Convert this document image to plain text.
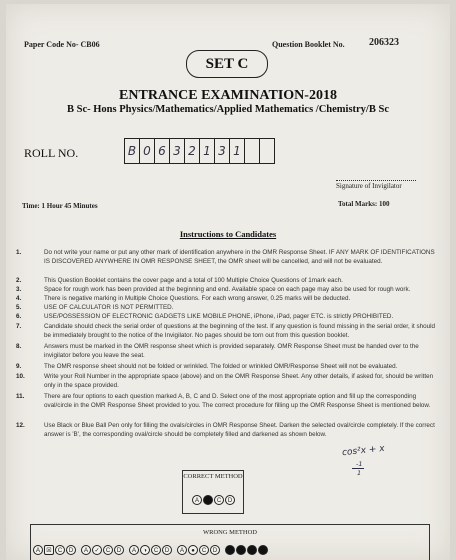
Paper Code No- CB06	Question Booklet No. 206323
SET C
ENTRANCE EXAMINATION-2018
B Sc- Hons Physics/Mathematics/Applied Mathematics /Chemistry/B Sc
ROLL NO.	B 0 6 3 2 1 3 1
Signature of Invigilator
Time: 1 Hour 45 Minutes	Total Marks: 100
Instructions to Candidates
1.	Do not write your name or put any other mark of identification anywhere in the OMR Response Sheet. IF ANY MARK OF IDENTIFICATIONS IS DISCOVERED ANYWHERE IN OMR RESPONSE SHEET, the OMR sheet will be cancelled, and will not be evaluated.
2.	This Question Booklet contains the cover page and a total of 100 Multiple Choice Questions of 1mark each.
3.	Space for rough work has been provided at the beginning and end. Available space on each page may also be used for rough work.
4.	There is negative marking in Multiple Choice Questions. For each wrong answer, 0.25 marks will be deducted.
5.	USE OF CALCULATOR IS NOT PERMITTED.
6.	USE/POSSESSION OF ELECTRONIC GADGETS LIKE MOBILE PHONE, iPhone, iPad, pager ETC. is strictly PROHIBITED.
7.	Candidate should check the serial order of questions at the beginning of the test. If any question is found missing in the serial order, it should be immediately brought to the notice of the Invigilator. No pages should be torn out from this question booklet.
8.	Answers must be marked in the OMR response sheet which is provided separately. OMR Response Sheet must be handed over to the invigilator before you leave the seat.
9.	The OMR response sheet should not be folded or wrinkled. The folded or wrinkled OMR/Response Sheet will not be evaluated.
10.	Write your Roll Number in the appropriate space (above) and on the OMR Response Sheet. Any other details, if asked for, should be written only in the space provided.
11.	There are four options to each question marked A, B, C and D. Select one of the most appropriate option and fill up the corresponding oval/circle in the OMR Response Sheet provided to you. The correct procedure for filling up the OMR Response Sheet is mentioned below.
12.	Use Black or Blue Ball Pen only for filling the ovals/circles in OMR Response Sheet. Darken the selected oval/circle completely. If the correct answer is 'B', the corresponding oval/circle should be completely filled and darkened as shown below.
cos²x + x
-1
1
CORRECT METHOD
A	B	C	D
WRONG METHOD
A	☒	C	D	A	✓	C	D	A	◑	C	D	A	●	C	D	●	●	●	●
